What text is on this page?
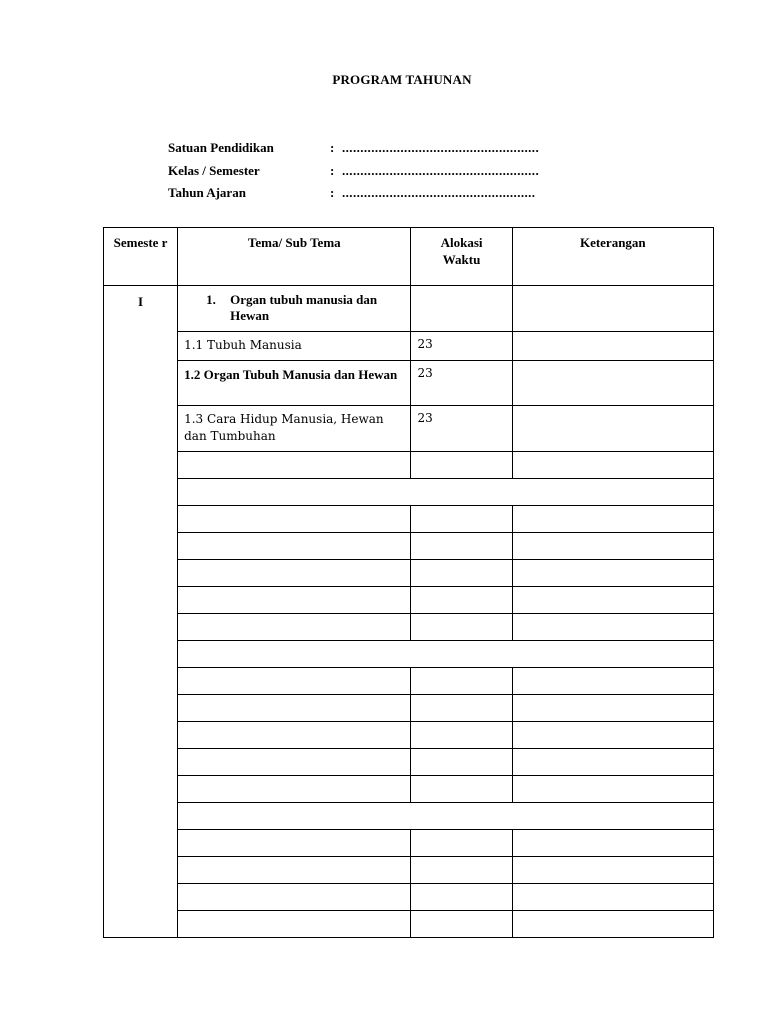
PROGRAM TAHUNAN
Satuan Pendidikan	: ......................................................
Kelas / Semester	: ......................................................
Tahun Ajaran	: .....................................................
Semeste r	Tema/ Sub Tema	Alokasi Waktu	Keterangan
I	1. Organ tubuh manusia dan Hewan		

	1.1 Tubuh Manusia	23	
	1.2 Organ Tubuh Manusia dan Hewan	23	
	1.3 Cara Hidup Manusia, Hewan dan Tumbuhan	23	
